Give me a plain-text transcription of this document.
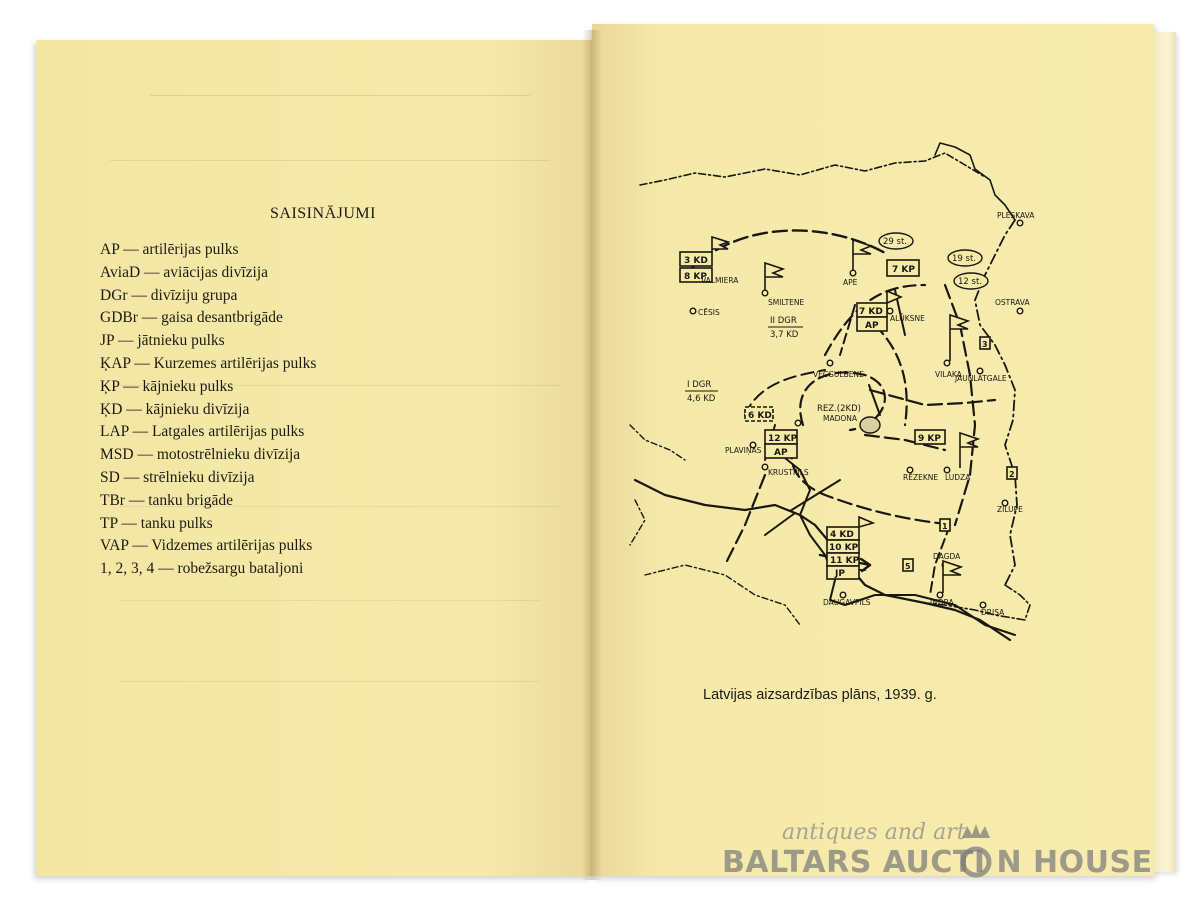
SAISINĀJUMI
AP — artilērijas pulks
AviaD — aviācijas divīzija
DGr — divīziju grupa
GDBr — gaisa desantbrigāde
JP — jātnieku pulks
ĶAP — Kurzemes artilērijas pulks
ĶP — kājnieku pulks
ĶD — kājnieku divīzija
LAP — Latgales artilērijas pulks
MSD — motostrēlnieku divīzija
SD — strēlnieku divīzija
TBr — tanku brigāde
TP — tanku pulks
VAP — Vidzemes artilērijas pulks
1, 2, 3, 4 — robežsargu bataljoni
VALMIERA
CĒSIS
SMILTENE
APE
ALŪKSNE
PLESKAVA
OSTRAVA
VECGULBENE	VILAKA
JAUNLATGALE
MADONA
PLAVIŅAS
KRUSTPILS
RĒZEKNE LUDZA
ZILUPE
DAGDA
DAUGAVPILS	INDRA
DRISA
3 KD
8 KP
7 KD
AP
7 KP
6 KD
12 KP
AP
9 KP
4 KD
10 KP
11 KP
JP
29 st.
19 st.
12 st.
II DGR
3,7 KD
I DGR
4,6 KD
REZ.(2KD)
1
2
3
5
Latvijas aizsardzības plāns, 1939. g.
antiques and art
BALTARS AUCTI N HOUSE
